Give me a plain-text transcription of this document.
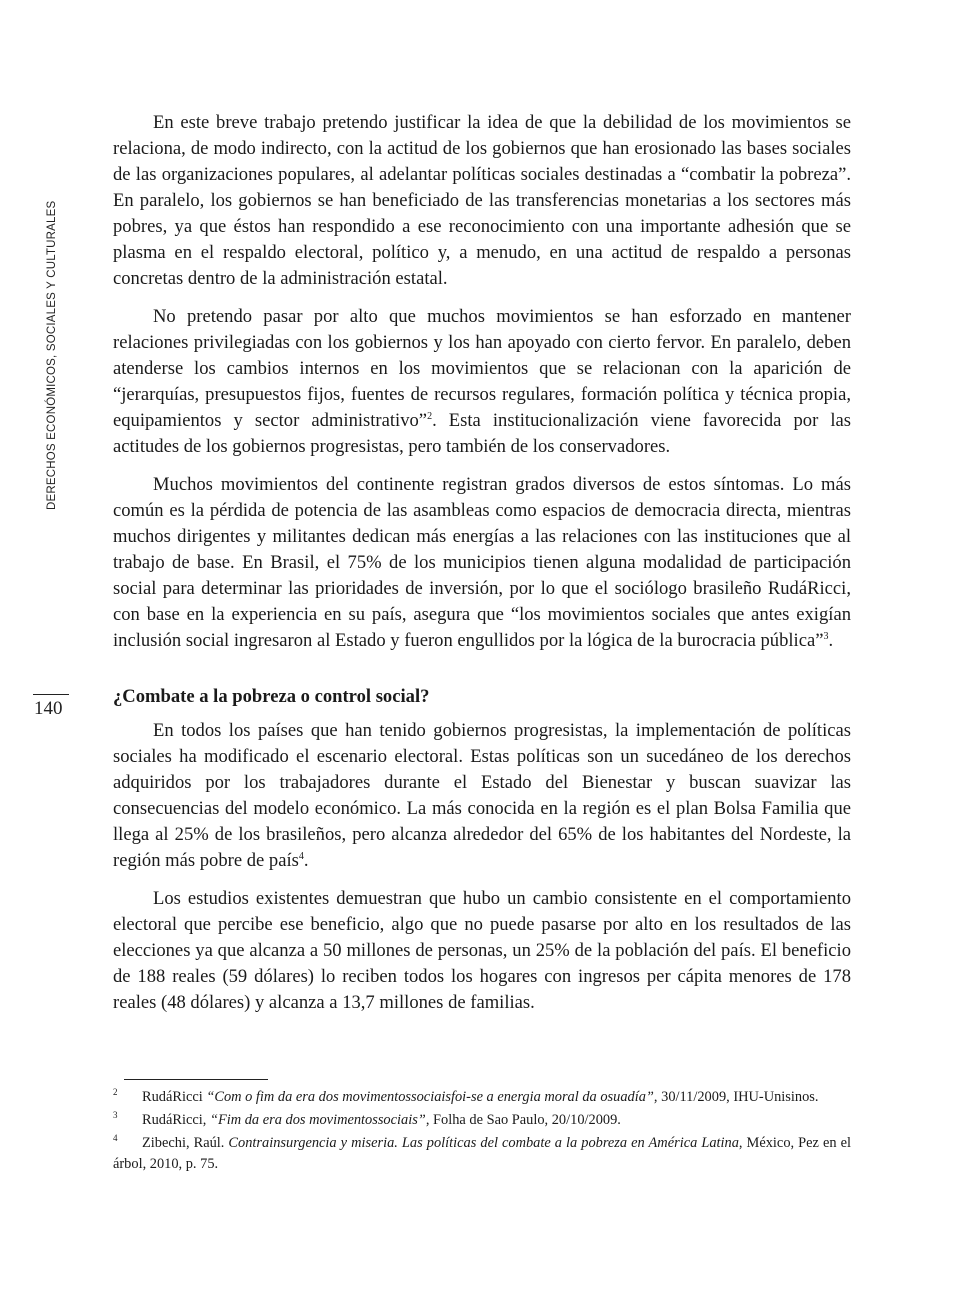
DERECHOS ECONÓMICOS, SOCIALES Y CULTURALES
140

En este breve trabajo pretendo justificar la idea de que la debilidad de los movimientos se relaciona, de modo indirecto, con la actitud de los gobiernos que han erosionado las bases sociales de las organizaciones populares, al adelantar políticas sociales destinadas a “combatir la pobreza”. En paralelo, los gobiernos se han beneficiado de las transferencias monetarias a los sectores más pobres, ya que éstos han respondido a ese reconocimiento con una importante adhesión que se plasma en el respaldo electoral, político y, a menudo, en una actitud de respaldo a personas concretas dentro de la administración estatal.

No pretendo pasar por alto que muchos movimientos se han esforzado en mantener relaciones privilegiadas con los gobiernos y los han apoyado con cierto fervor. En paralelo, deben atenderse los cambios internos en los movimientos que se relacionan con la aparición de “jerarquías, presupuestos fijos, fuentes de recursos regulares, formación política y técnica propia, equipamientos y sector administrativo”$^2$. Esta institucionalización viene favorecida por las actitudes de los gobiernos progresistas, pero también de los conservadores.

Muchos movimientos del continente registran grados diversos de estos síntomas. Lo más común es la pérdida de potencia de las asambleas como espacios de democracia directa, mientras muchos dirigentes y militantes dedican más energías a las relaciones con las instituciones que al trabajo de base. En Brasil, el 75% de los municipios tienen alguna modalidad de participación social para determinar las prioridades de inversión, por lo que el sociólogo brasileño RudáRicci, con base en la experiencia en su país, asegura que “los movimientos sociales que antes exigían inclusión social ingresaron al Estado y fueron engullidos por la lógica de la burocracia pública”$^3$.

¿Combate a la pobreza o control social?

En todos los países que han tenido gobiernos progresistas, la implementación de políticas sociales ha modificado el escenario electoral. Estas políticas son un sucedáneo de los derechos adquiridos por los trabajadores durante el Estado del Bienestar y buscan suavizar las consecuencias del modelo económico. La más conocida en la región es el plan Bolsa Familia que llega al 25% de los brasileños, pero alcanza alrededor del 65% de los habitantes del Nordeste, la región más pobre de país$^4$.

Los estudios existentes demuestran que hubo un cambio consistente en el comportamiento electoral que percibe ese beneficio, algo que no puede pasarse por alto en los resultados de las elecciones ya que alcanza a 50 millones de personas, un 25% de la población del país. El beneficio de 188 reales (59 dólares) lo reciben todos los hogares con ingresos per cápita menores de 178 reales (48 dólares) y alcanza a 13,7 millones de familias.

2 RudáRicci “Com o fim da era dos movimentossociaisfoi-se a energia moral da osuadía”, 30/11/2009, IHU-Unisinos.
3 RudáRicci, “Fim da era dos movimentossociais”, Folha de Sao Paulo, 20/10/2009.
4 Zibechi, Raúl. Contrainsurgencia y miseria. Las políticas del combate a la pobreza en América Latina, México, Pez en el árbol, 2010, p. 75.
